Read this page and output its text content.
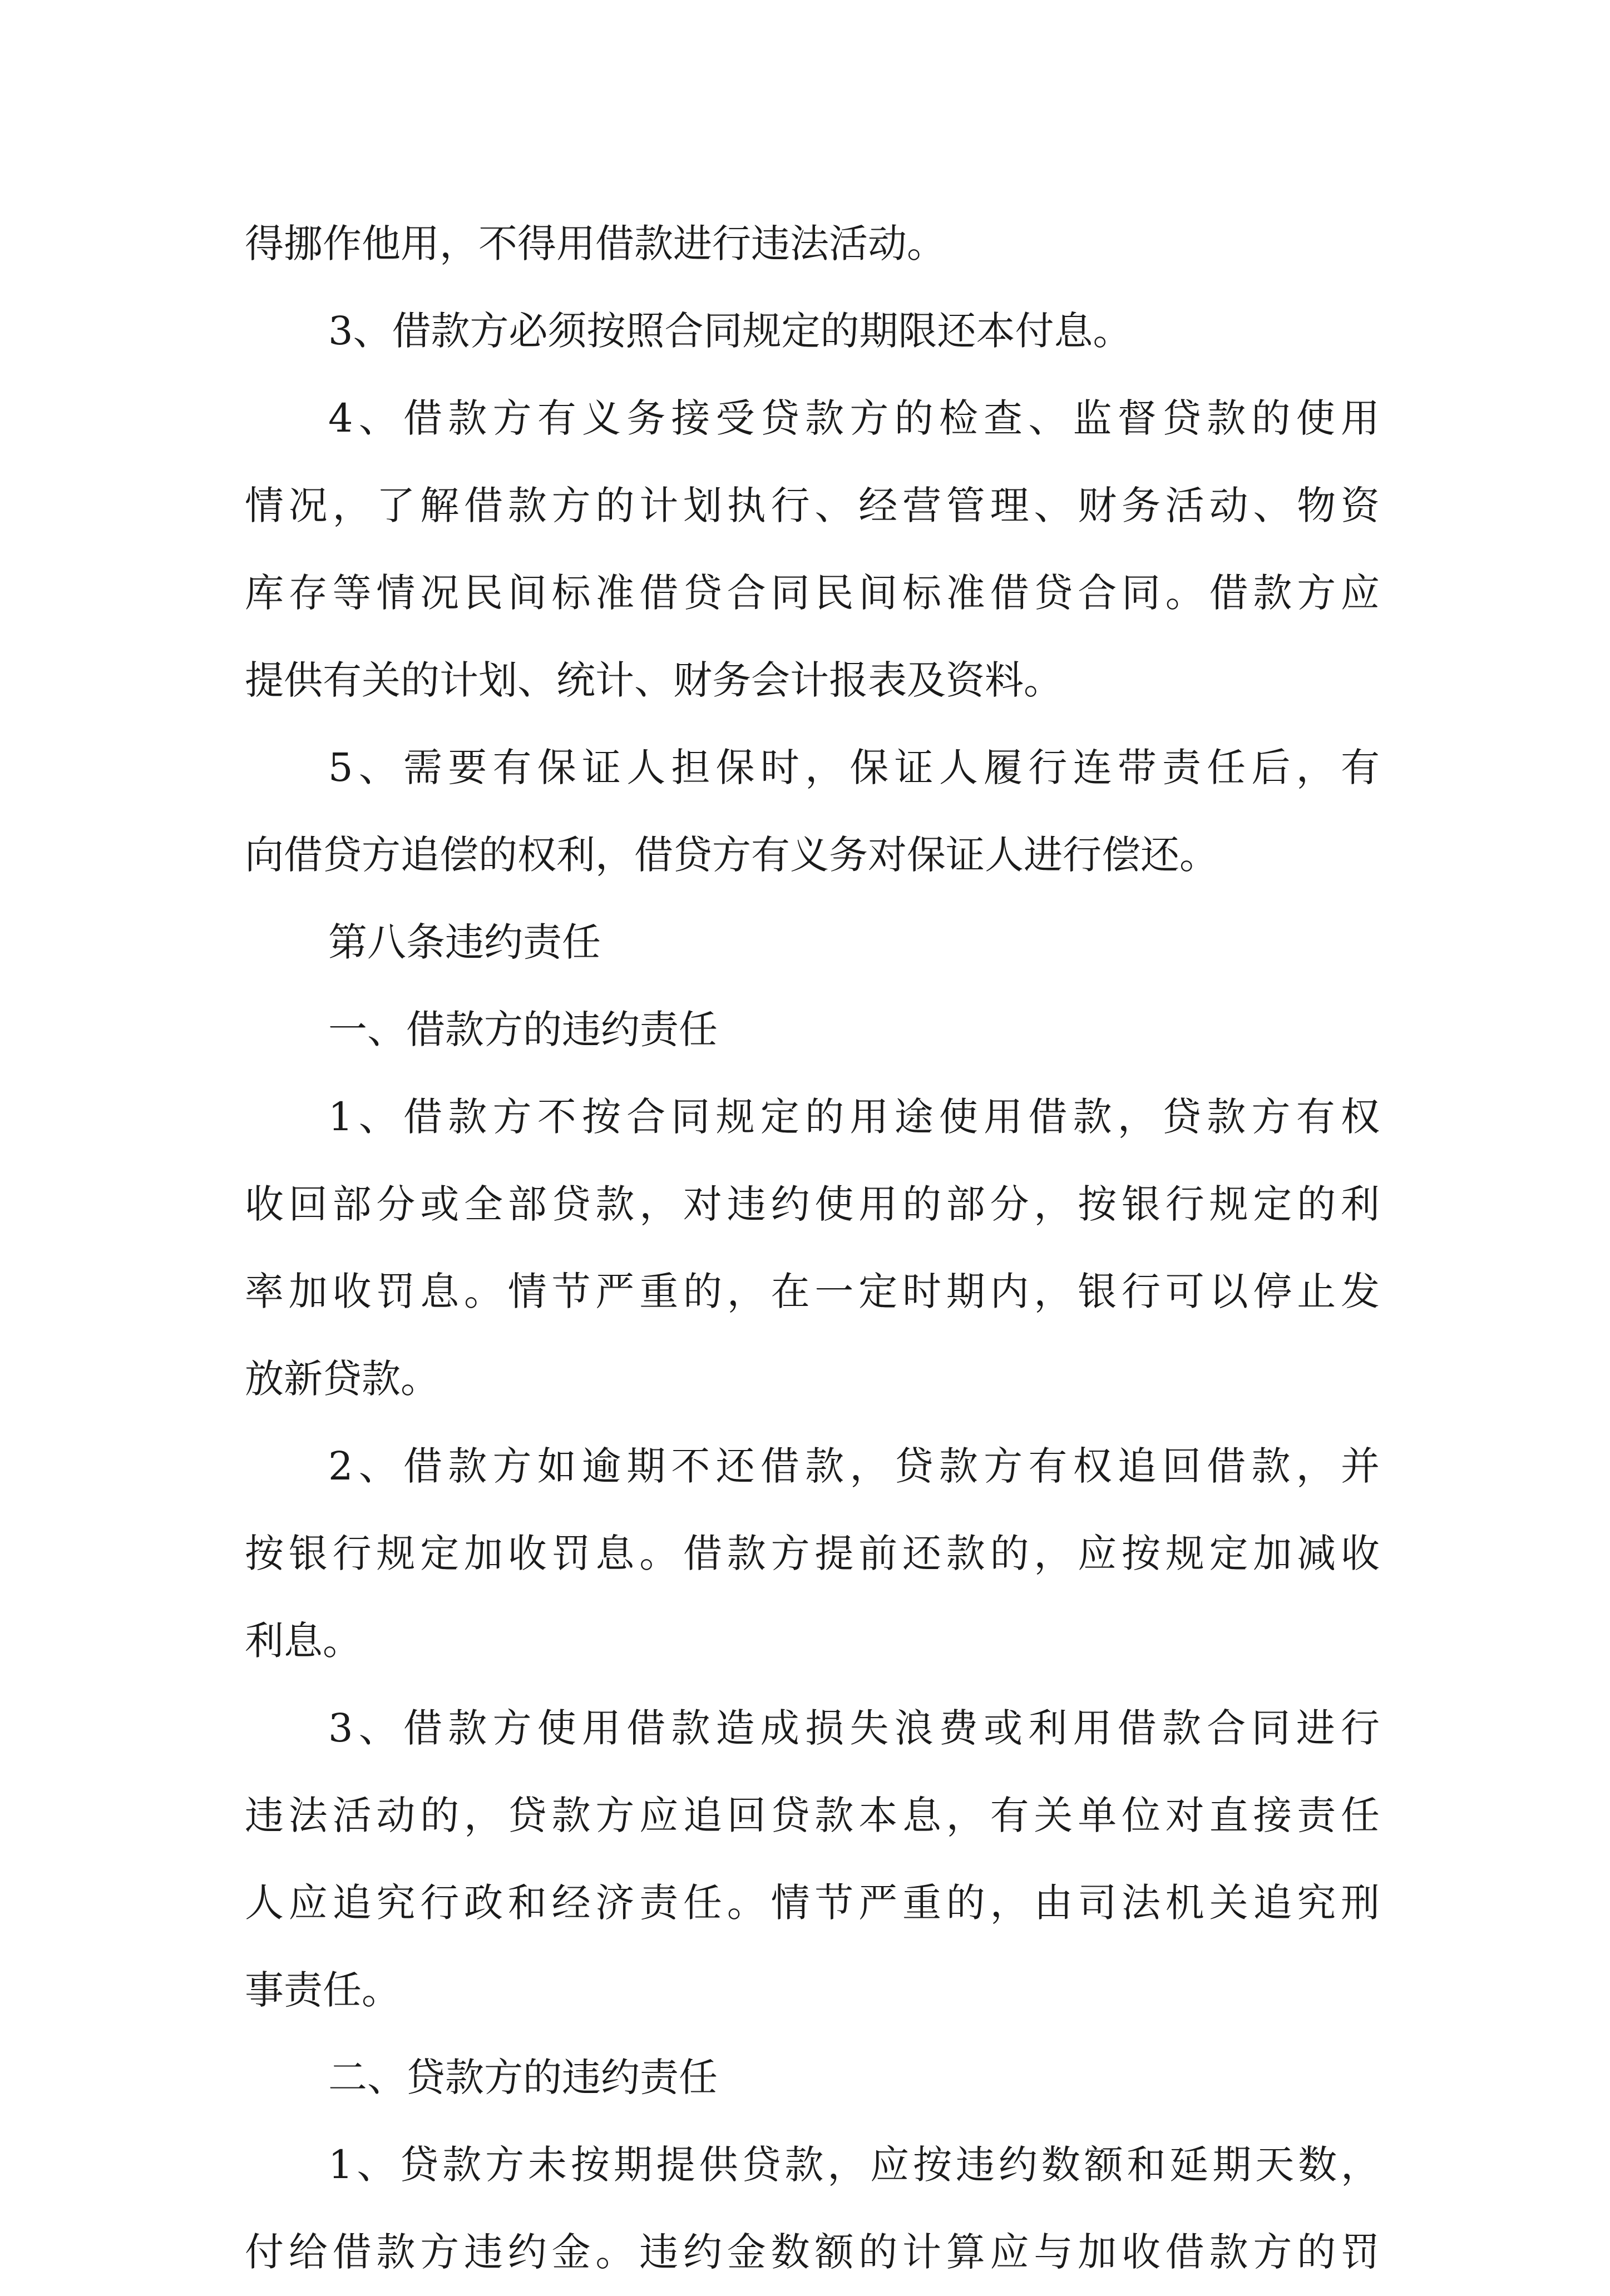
得挪作他用，不得用借款进行违法活动。
3、借款方必须按照合同规定的期限还本付息。
4、借款方有义务接受贷款方的检查、监督贷款的使用
情况，了解借款方的计划执行、经营管理、财务活动、物资
库存等情况民间标准借贷合同民间标准借贷合同。借款方应
提供有关的计划、统计、财务会计报表及资料。
5、需要有保证人担保时，保证人履行连带责任后，有
向借贷方追偿的权利，借贷方有义务对保证人进行偿还。
第八条违约责任
一、借款方的违约责任
1、借款方不按合同规定的用途使用借款，贷款方有权
收回部分或全部贷款，对违约使用的部分，按银行规定的利
率加收罚息。情节严重的，在一定时期内，银行可以停止发
放新贷款。
2、借款方如逾期不还借款，贷款方有权追回借款，并
按银行规定加收罚息。借款方提前还款的，应按规定加减收
利息。
3、借款方使用借款造成损失浪费或利用借款合同进行
违法活动的，贷款方应追回贷款本息，有关单位对直接责任
人应追究行政和经济责任。情节严重的，由司法机关追究刑
事责任。
二、贷款方的违约责任
1、贷款方未按期提供贷款，应按违约数额和延期天数，
付给借款方违约金。违约金数额的计算应与加收借款方的罚
